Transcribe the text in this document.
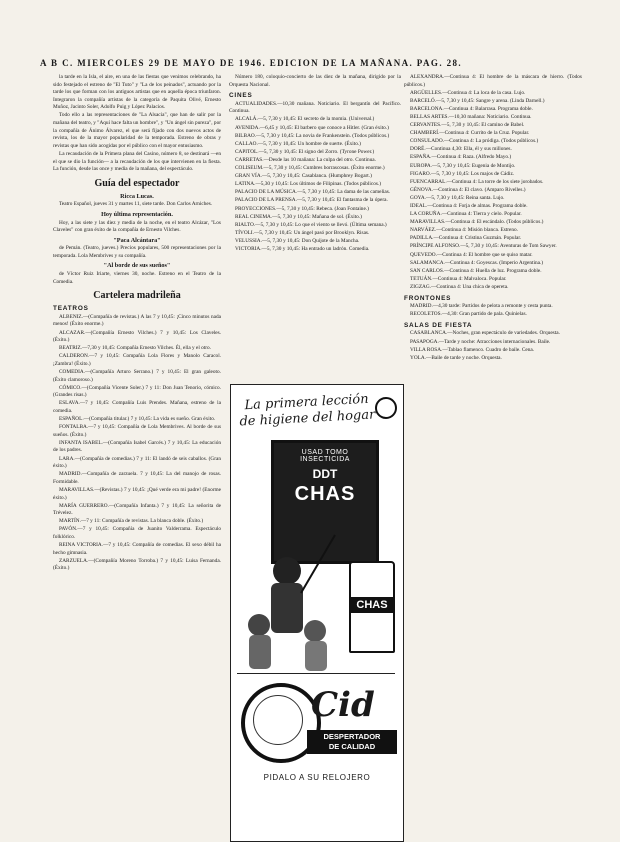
A B C. MIERCOLES 29 DE MAYO DE 1946. EDICION DE LA MAÑANA. PAG. 28.

la tarde en la Isla, el aire, en una de las fiestas que venimos celebrando, ha sido festejado el estreno de "El Tuto" y "La de los peinados", actuando por la tarde los que forman con los antiguos artistas que en aquella época triunfaron. Integraron la compañía artistas de la categoría de Paquita Olivé, Ernesto Muñoz, Jacinto Soler, Adolfo Puig y López Palacios.

Todo ello a las representaciones de "La Alsacia", que han de salir por la mañana del teatro, y "Aquí hace falta un hombre", y "Un ángel sin pureza", por la compañía de Ánimo Álvarez, el que será fijado con dos nuevos actos de revista, los de la mayor popularidad de la temporada. Estreno de obras y revistas que han sido acogidas por el público con el mayor entusiasmo.

La recaudación de la Primera plana del Casino, número 8, se destinará —en el que se dio la función— a la recaudación de los que intervienen en la fiesta. La función, desde las once y media de la mañana, del espectáculo.

Guía del espectador
Ricca Lucas.

Teatro Español, jueves 31 y martes 11, siete tarde. Don Carlos Arniches.

Hoy última representación.

Hoy, a las siete y las diez y media de la noche, en el teatro Alcázar, "Los Claveles" con gran éxito de la compañía de Ernesto Vilches.

"Paca Alcántara"

de Pemán. (Teatro, jueves.) Precios populares, 500 representaciones por la temporada. Lola Membrives y su compañía.

"Al borde de sus sueños"

de Víctor Ruiz Iriarte, viernes 30, noche. Estreno en el Teatro de la Comedia.

Cartelera madrileña
TEATROS

ALBENIZ.—(Compañía de revistas.) A las 7 y 10,45: ¡Cinco minutos nada menos! (Éxito enorme.)

ALCAZAR.—(Compañía Ernesto Vilches.) 7 y 10,45: Los Claveles. (Éxito.)

BEATRIZ.—7,30 y 10,45: Compañía Ernesto Vilches. Él, ella y el otro.

CALDERON.—7 y 10,45: Compañía Lola Flores y Manolo Caracol. ¡Zambra! (Éxito.)

COMEDIA.—(Compañía Arturo Serrano.) 7 y 10,45: El gran galeoto. (Éxito clamoroso.)

CÓMICO.—(Compañía Vicente Soler.) 7 y 11: Don Juan Tenorio, cómico. (Grandes risas.)

ESLAVA.—7 y 10,45: Compañía Luis Prendes. Mañana, estreno de la comedia.

ESPAÑOL.—(Compañía titular.) 7 y 10,45: La vida es sueño. Gran éxito.

FONTALBA.—7 y 10,45: Compañía de Lola Membrives. Al borde de sus sueños. (Éxito.)

INFANTA ISABEL.—(Compañía Isabel Garcés.) 7 y 10,45: La educación de los padres.

LARA.—(Compañía de comedias.) 7 y 11: El landó de seis caballos. (Gran éxito.)

MADRID.—Compañía de zarzuela. 7 y 10,45: La del manojo de rosas. Formidable.

MARAVILLAS.—(Revistas.) 7 y 10,45: ¡Qué verde era mi padre! (Enorme éxito.)

MARÍA GUERRERO.—(Compañía Infanta.) 7 y 10,45: La señorita de Trévelez.

MARTÍN.—7 y 11: Compañía de revistas. La blanca doble. (Éxito.)

PAVÓN.—7 y 10,45: Compañía de Juanito Valderrama. Espectáculo folklórico.

REINA VICTORIA.—7 y 10,45: Compañía de comedias. El sexo débil ha hecho gimnasia.

ZARZUELA.—(Compañía Moreno Torroba.) 7 y 10,45: Luisa Fernanda. (Éxito.)

Número 180, coloquio-concierto de las diez de la mañana, dirigido por la Orquesta Nacional.

CINES

ACTUALIDADES.—10,30 mañana. Noticiario. El bergantín del Pacífico. Continua.

ALCALÁ.—5, 7,30 y 10,45: El secreto de la momia. (Universal.)

AVENIDA.—6,45 y 10,45: El barbero que conoce a Hitler. (Gran éxito.)

BILBAO.—5, 7,30 y 10,45: La novia de Frankenstein. (Todos públicos.)

CALLAO.—5, 7,30 y 10,45: Un hombre de suerte. (Éxito.)

CAPITOL.—5, 7,30 y 10,45: El signo del Zorro. (Tyrone Power.)

CARRETAS.—Desde las 10 mañana: La culpa del otro. Continua.

COLISEUM.—5, 7,30 y 10,45: Cumbres borrascosas. (Éxito enorme.)

GRAN VÍA.—5, 7,30 y 10,45: Casablanca. (Humphrey Bogart.)

LATINA.—5,30 y 10,45: Los últimos de Filipinas. (Todos públicos.)

PALACIO DE LA MÚSICA.—5, 7,30 y 10,45: La dama de las camelias.

PALACIO DE LA PRENSA.—5, 7,30 y 10,45: El fantasma de la ópera.

PROYECCIONES.—5, 7,30 y 10,45: Rebeca. (Joan Fontaine.)

REAL CINEMA.—5, 7,30 y 10,45: Mañana de sol. (Éxito.)

RIALTO.—5, 7,30 y 10,45: Lo que el viento se llevó. (Última semana.)

TÍVOLI.—5, 7,30 y 10,45: Un ángel pasó por Brooklyn. Risas.

VELUSSIA.—5, 7,30 y 10,45: Don Quijote de la Mancha.

VICTORIA.—5, 7,30 y 10,45: Ha entrado un ladrón. Comedia.

ALEXANDRA.—Continua 4: El hombre de la máscara de hierro. (Todos públicos.)

ARGÜELLES.—Continua 4: La loca de la casa. Lujo.

BARCELÓ.—5, 7,30 y 10,45: Sangre y arena. (Linda Darnell.)

BARCELONA.—Continua 4: Balarrasa. Programa doble.

BELLAS ARTES.—10,30 mañana: Noticiario. Continua.

CERVANTES.—5, 7,30 y 10,45: El camino de Babel.

CHAMBERÍ.—Continua 4: Currito de la Cruz. Popular.

CONSULADO.—Continua 4: La pródiga. (Todos públicos.)

DORÉ.—Continua 4,30: Ella, él y sus millones.

ESPAÑA.—Continua 4: Raza. (Alfredo Mayo.)

EUROPA.—5, 7,30 y 10,45: Eugenia de Montijo.

FIGARO.—5, 7,30 y 10,45: Los majos de Cádiz.

FUENCARRAL.—Continua 4: La torre de los siete jorobados.

GÉNOVA.—Continua 4: El clavo. (Amparo Rivelles.)

GOYA.—5, 7,30 y 10,45: Reina santa. Lujo.

IDEAL.—Continua 4: Forja de almas. Programa doble.

LA CORUÑA.—Continua 4: Tierra y cielo. Popular.

MARAVILLAS.—Continua 4: El escándalo. (Todos públicos.)

NARVÁEZ.—Continua 4: Misión blanca. Estreno.

PADILLA.—Continua 4: Cristina Guzmán. Popular.

PRÍNCIPE ALFONSO.—5, 7,30 y 10,45: Aventuras de Tom Sawyer.

QUEVEDO.—Continua 4: El hombre que se quiso matar.

SALAMANCA.—Continua 4: Goyescas. (Imperio Argentina.)

SAN CARLOS.—Continua 4: Huella de luz. Programa doble.

TETUÁN.—Continua 4: Malvaloca. Popular.

ZIGZAG.—Continua 4: Una chica de opereta.

FRONTONES

MADRID.—4,30 tarde: Partidos de pelota a remonte y cesta punta.

RECOLETOS.—4,30: Gran partido de pala. Quinielas.

SALAS DE FIESTA

CASABLANCA.—Noches, gran espectáculo de variedades. Orquesta.

PASAPOGA.—Tarde y noche: Atracciones internacionales. Baile.

VILLA ROSA.—Tablao flamenco. Cuadro de baile. Cena.

YOLA.—Baile de tarde y noche. Orquesta.

La primera lección
de higiene del hogar
USAD TOMO
INSECTICIDA
DDT
CHAS
CHAS
Cid
DESPERTADOR
DE CALIDAD
PIDALO A SU RELOJERO
